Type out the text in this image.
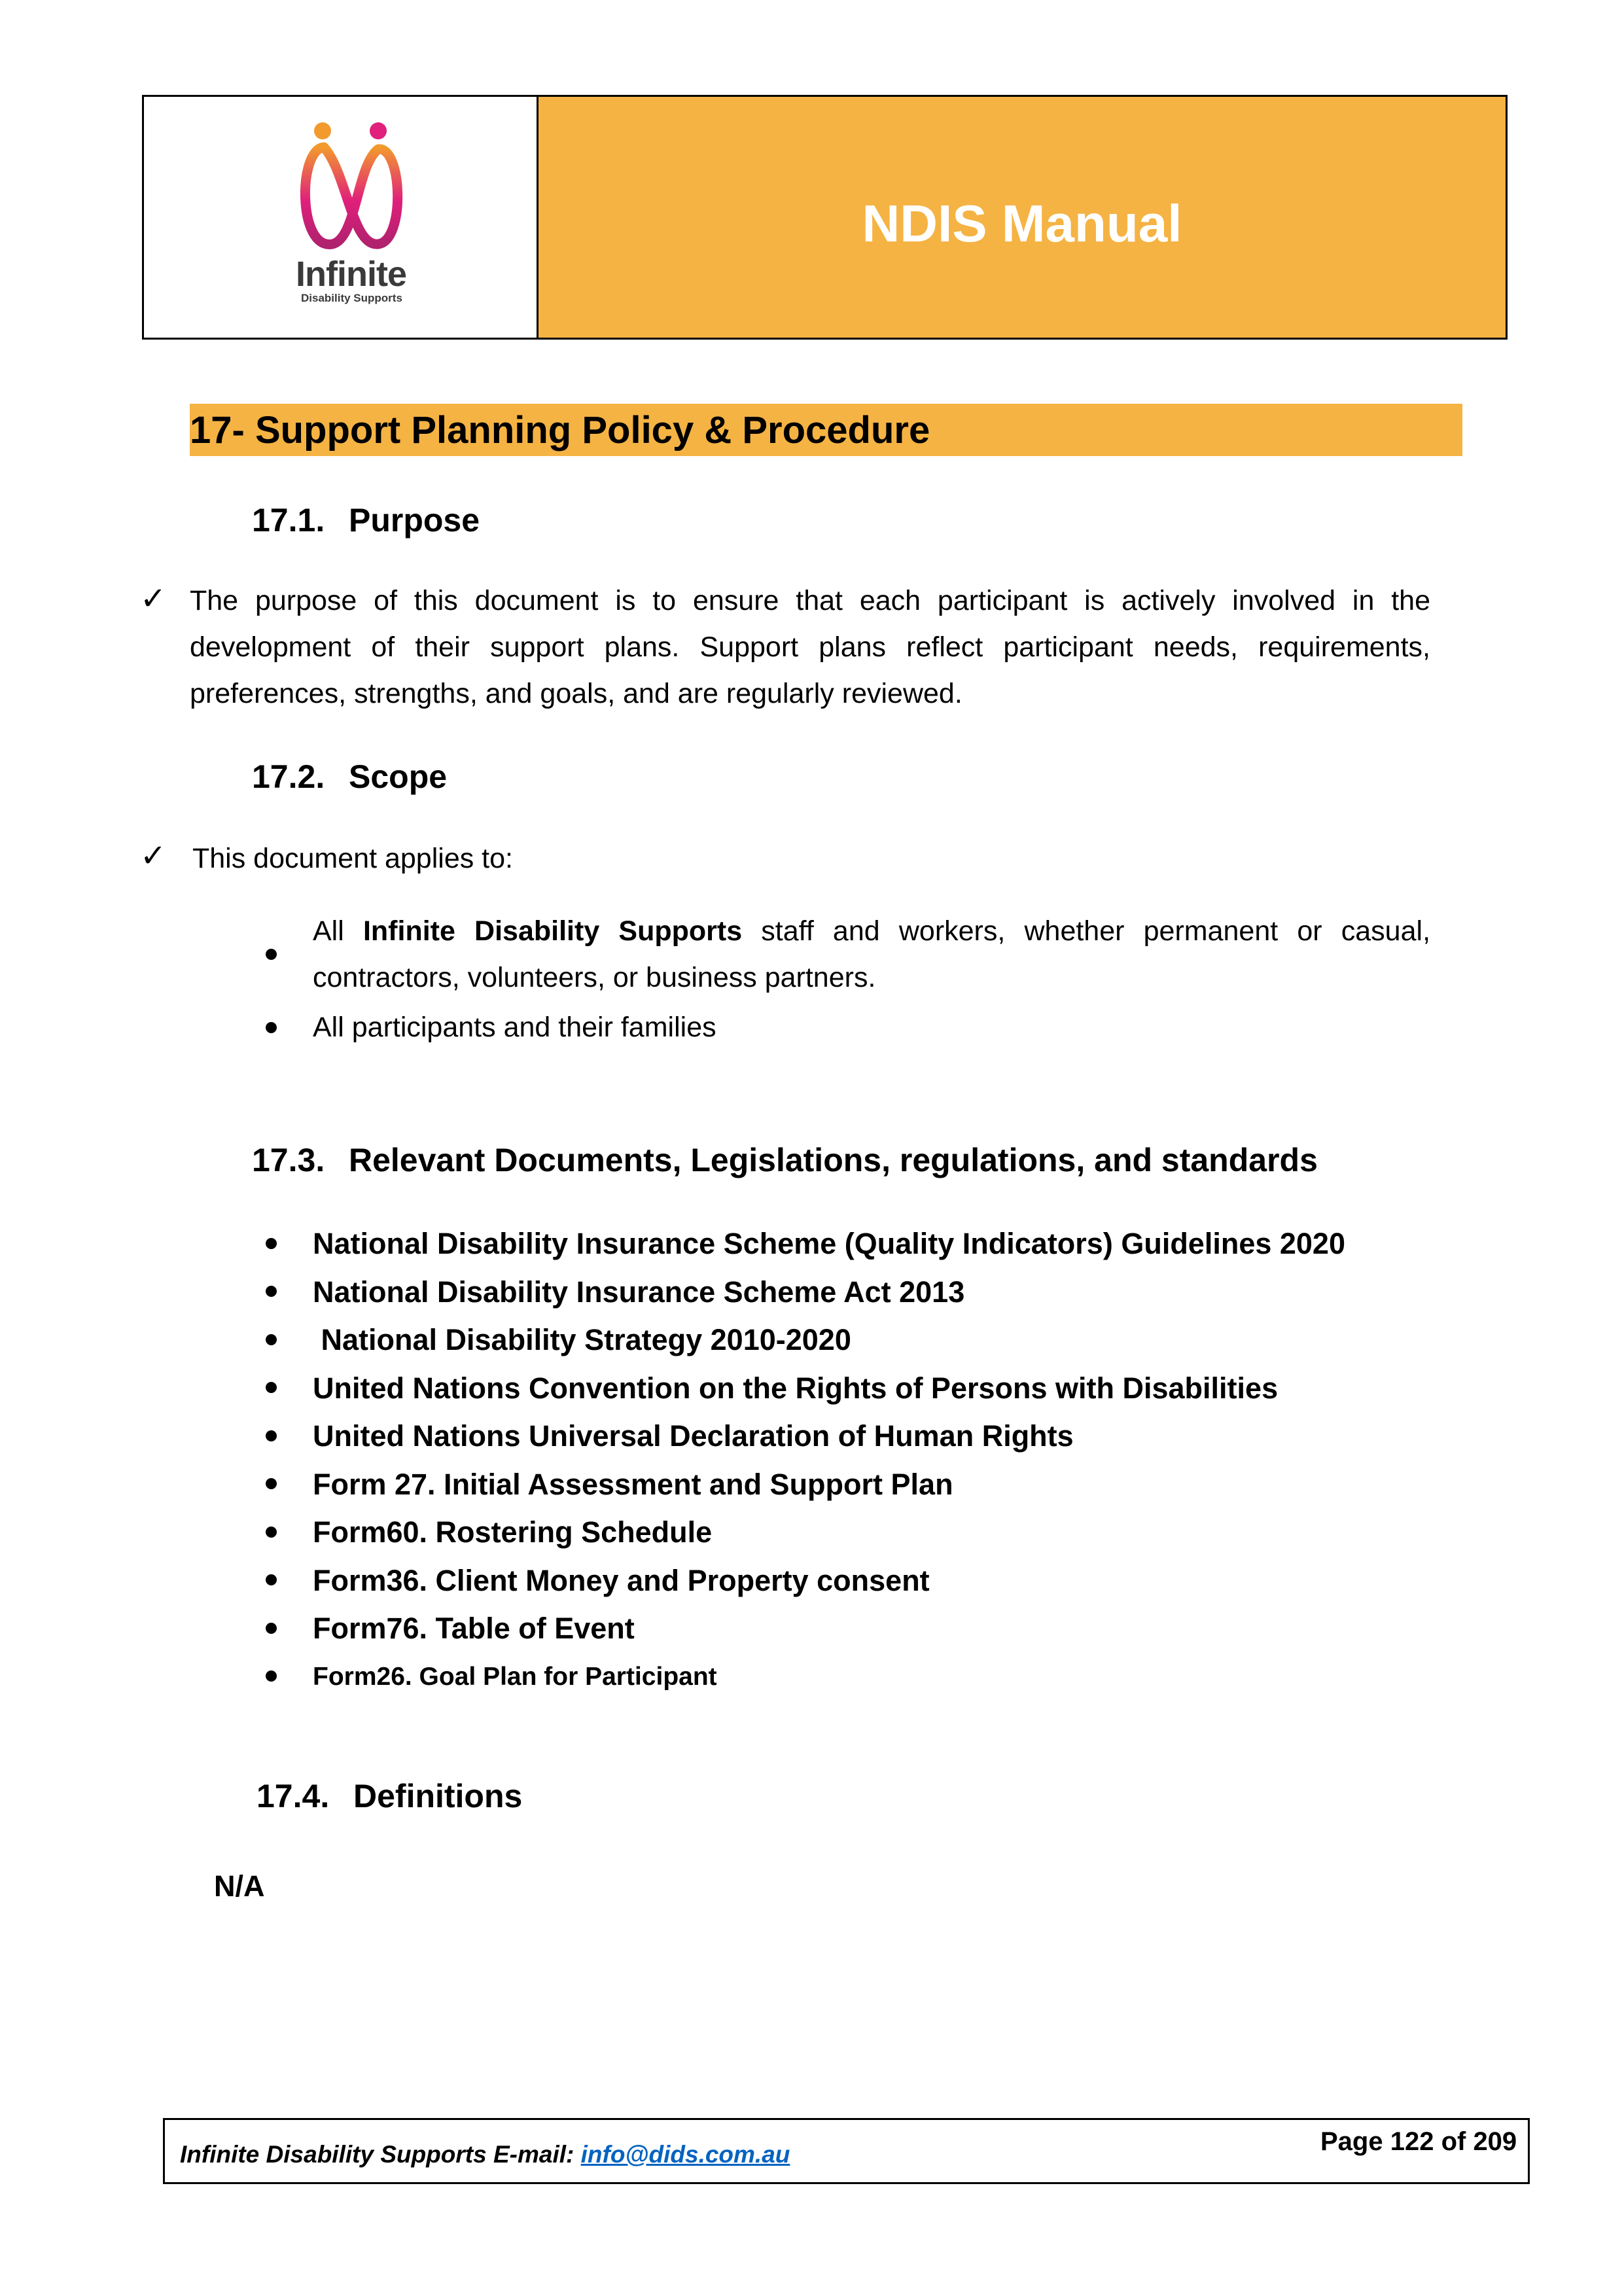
Infinite
Disability Supports
NDIS Manual
17- Support Planning Policy & Procedure
17.1. Purpose
✓ The purpose of this document is to ensure that each participant is actively involved in the development of their support plans. Support plans reflect participant needs, requirements, preferences, strengths, and goals, and are regularly reviewed.
17.2. Scope
✓ This document applies to:
All Infinite Disability Supports staff and workers, whether permanent or casual, contractors, volunteers, or business partners.
All participants and their families
17.3. Relevant Documents, Legislations, regulations, and standards
National Disability Insurance Scheme (Quality Indicators) Guidelines 2020
National Disability Insurance Scheme Act 2013
National Disability Strategy 2010-2020
United Nations Convention on the Rights of Persons with Disabilities
United Nations Universal Declaration of Human Rights
Form 27. Initial Assessment and Support Plan
Form60. Rostering Schedule
Form36. Client Money and Property consent
Form76. Table of Event
Form26. Goal Plan for Participant
17.4. Definitions
N/A
Infinite Disability Supports E-mail: info@dids.com.au	Page 122 of 209
